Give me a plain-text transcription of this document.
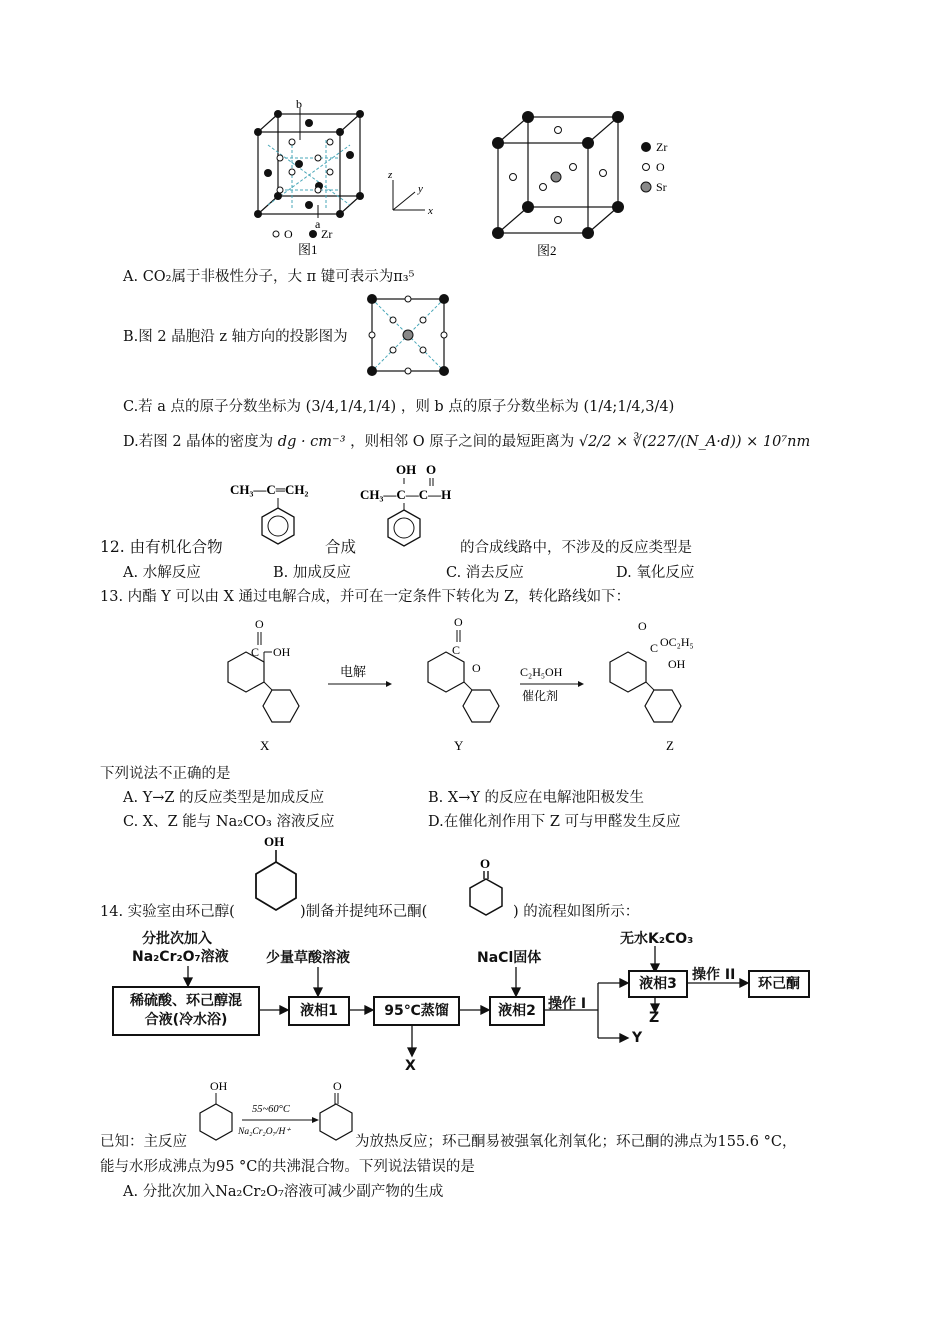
z
y
x
b
a
O Zr
图1
Zr
O
Sr
图2
A. CO₂属于非极性分子，大 π 键可表示为π₃⁵
B.图 2 晶胞沿 z 轴方向的投影图为
C.若 a 点的原子分数坐标为 (3/4,1/4,1/4) ，则 b 点的原子分数坐标为 (1/4;1/4,3/4)
D.若图 2 晶体的密度为 dg · cm⁻³ ，则相邻 O 原子之间的最短距离为 √2/2 × ∛(227/(N_A·d)) × 10⁷nm
CH₃—C═CH₂
OH
CH₃—C—C—H
O
12. 由有机化合物	合成	的合成线路中，不涉及的反应类型是
A. 水解反应	B. 加成反应	C. 消去反应	D. 氧化反应
13. 内酯 Y 可以由 X 通过电解合成，并可在一定条件下转化为 Z，转化路线如下：
C
O
OH
X
电解
C
O
O
Y
C₂H₅OH
催化剂
C
O
OC₂H₅
OH
Z
下列说法不正确的是
A. Y→Z 的反应类型是加成反应	B. X→Y 的反应在电解池阳极发生
C. X、Z 能与 Na₂CO₃ 溶液反应	D.在催化剂作用下 Z 可与甲醛发生反应
OH
O
14. 实验室由环己醇(	)制备并提纯环己酮(	) 的流程如图所示：
分批次加入
Na₂Cr₂O₇溶液
稀硫酸、环己醇混
合液(冷水浴)
少量草酸溶液
液相1	95℃蒸馏
X
NaCl固体
液相2 操作 I
Y
无水K₂CO₃
液相3
Z
操作 II
环己酮
OH
55~60°C
Na₂Cr₂O₇/H⁺
O
已知：主反应	为放热反应；环己酮易被强氧化剂氧化；环己酮的沸点为155.6 °C，
能与水形成沸点为95 °C的共沸混合物。下列说法错误的是
A. 分批次加入Na₂Cr₂O₇溶液可减少副产物的生成
